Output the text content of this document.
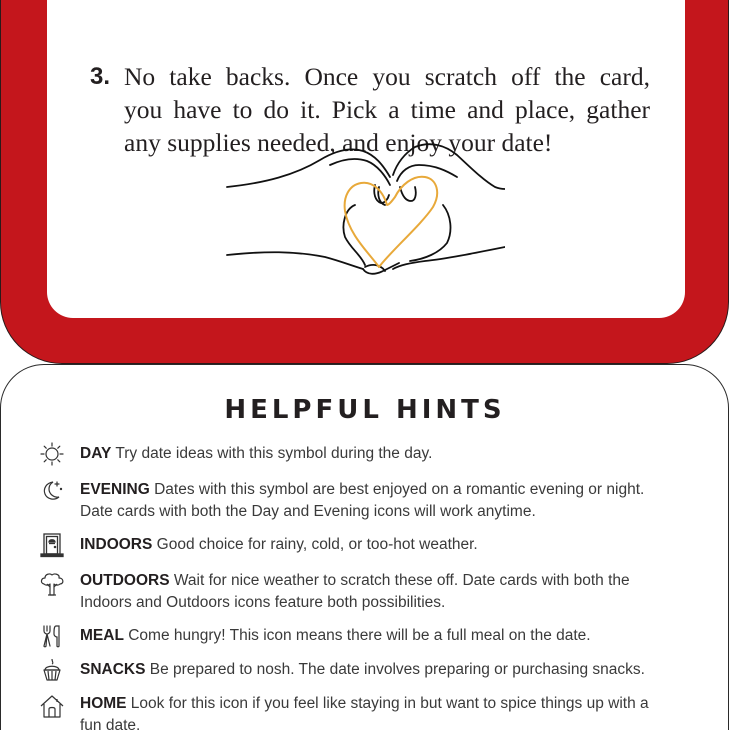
3. No take backs. Once you scratch off the card,
you have to do it. Pick a time and place, gather
any supplies needed, and enjoy your date!
HELPFUL HINTS
DAY Try date ideas with this symbol during the day.
EVENING Dates with this symbol are best enjoyed on a romantic evening or night.
Date cards with both the Day and Evening icons will work anytime.
INDOORS Good choice for rainy, cold, or too-hot weather.
OUTDOORS Wait for nice weather to scratch these off. Date cards with both the
Indoors and Outdoors icons feature both possibilities.
MEAL Come hungry! This icon means there will be a full meal on the date.
SNACKS Be prepared to nosh. The date involves preparing or purchasing snacks.
HOME Look for this icon if you feel like staying in but want to spice things up with a
fun date.
